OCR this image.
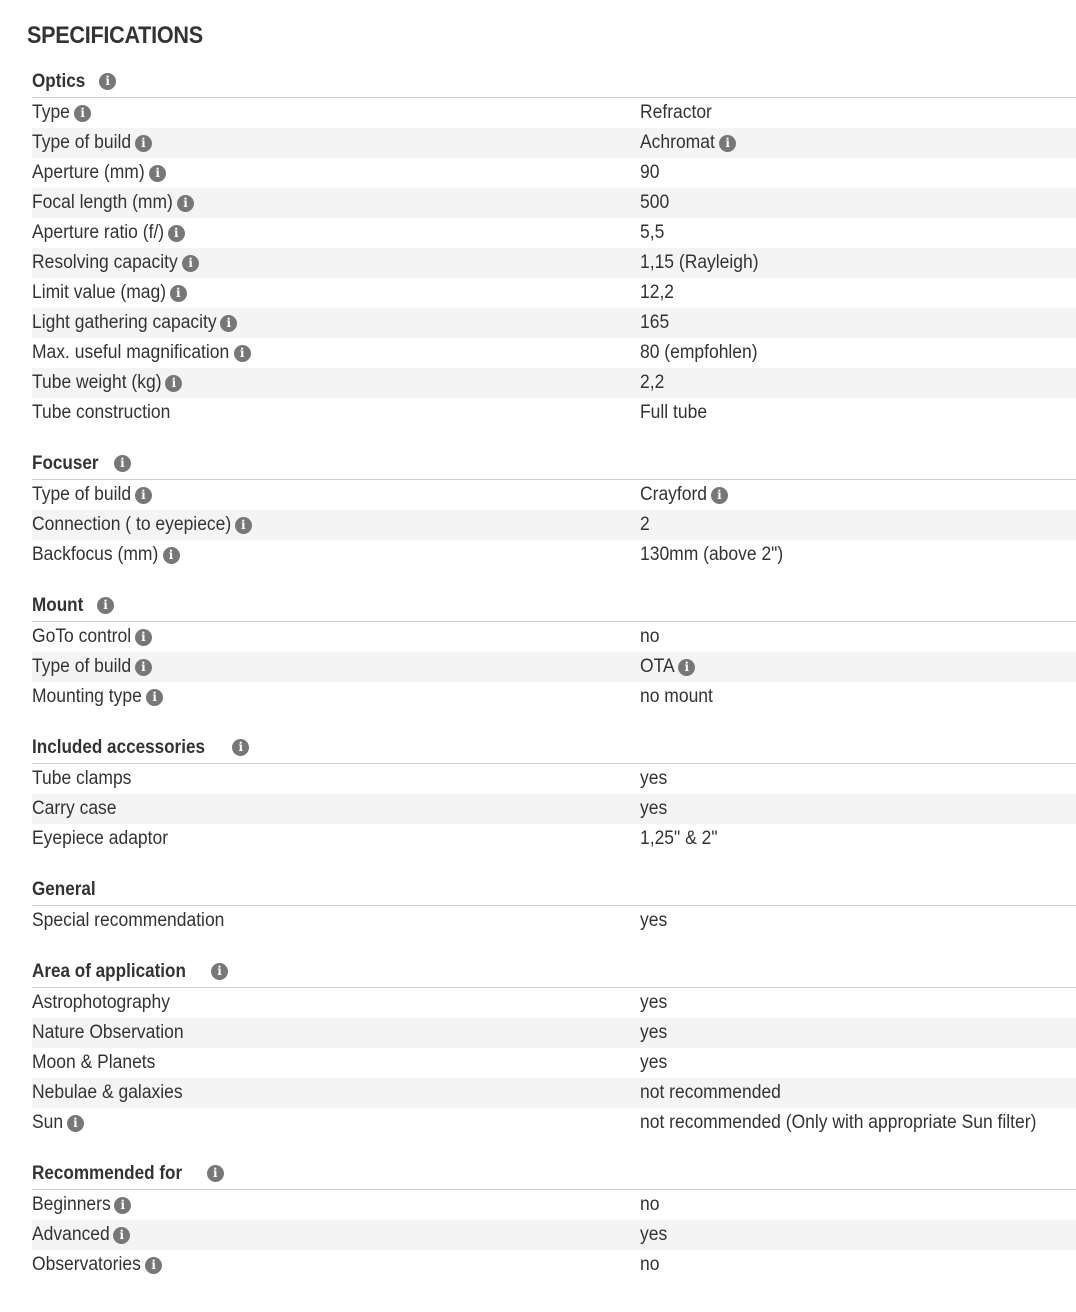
SPECIFICATIONS
Optics	i
Type i	Refractor
Type of build i	Achromat i
Aperture (mm) i	90
Focal length (mm) i	500
Aperture ratio (f/) i	5,5
Resolving capacity i	1,15 (Rayleigh)
Limit value (mag) i	12,2
Light gathering capacity i	165
Max. useful magnification i	80 (empfohlen)
Tube weight (kg) i	2,2
Tube construction	Full tube
Focuser	i
Type of build i	Crayford i
Connection ( to eyepiece) i	2
Backfocus (mm) i	130mm (above 2")
Mount	i
GoTo control i	no
Type of build i	OTA i
Mounting type i	no mount
Included accessories	i
Tube clamps	yes
Carry case	yes
Eyepiece adaptor	1,25" & 2"
General
Special recommendation	yes
Area of application	i
Astrophotography	yes
Nature Observation	yes
Moon & Planets	yes
Nebulae & galaxies	not recommended
Sun i	not recommended (Only with appropriate Sun filter)
Recommended for	i
Beginners i	no
Advanced i	yes
Observatories i	no
